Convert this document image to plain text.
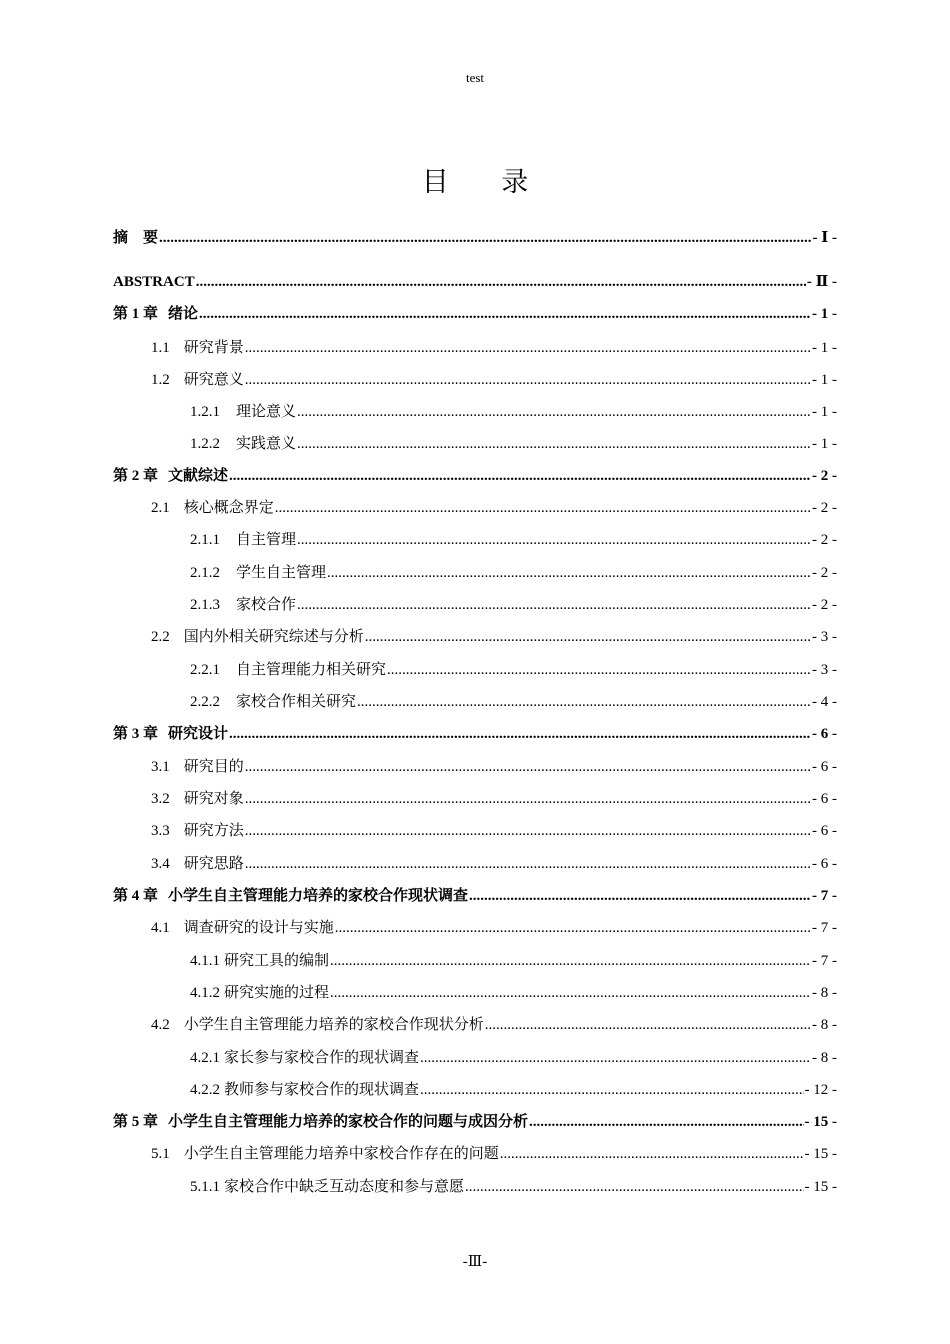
test
目 录
摘　要 .....	- Ⅰ -
ABSTRACT .....	- Ⅱ -
第 1 章 绪论 .....	- 1 -
1.1 研究背景 .....	- 1 -
1.2 研究意义 .....	- 1 -
1.2.1 理论意义 .....	- 1 -
1.2.2 实践意义 .....	- 1 -
第 2 章 文献综述 .....	- 2 -
2.1 核心概念界定 .....	- 2 -
2.1.1 自主管理 .....	- 2 -
2.1.2 学生自主管理 .....	- 2 -
2.1.3 家校合作 .....	- 2 -
2.2 国内外相关研究综述与分析 .....	- 3 -
2.2.1 自主管理能力相关研究 .....	- 3 -
2.2.2 家校合作相关研究 .....	- 4 -
第 3 章 研究设计 .....	- 6 -
3.1 研究目的 .....	- 6 -
3.2 研究对象 .....	- 6 -
3.3 研究方法 .....	- 6 -
3.4 研究思路 .....	- 6 -
第 4 章 小学生自主管理能力培养的家校合作现状调查 .....	- 7 -
4.1 调查研究的设计与实施 .....	- 7 -
4.1.1 研究工具的编制 .....	- 7 -
4.1.2 研究实施的过程 .....	- 8 -
4.2 小学生自主管理能力培养的家校合作现状分析 .....	- 8 -
4.2.1 家长参与家校合作的现状调查 .....	- 8 -
4.2.2 教师参与家校合作的现状调查 .....	- 12 -
第 5 章 小学生自主管理能力培养的家校合作的问题与成因分析 .....	- 15 -
5.1 小学生自主管理能力培养中家校合作存在的问题 .....	- 15 -
5.1.1 家校合作中缺乏互动态度和参与意愿 .....	- 15 -
-Ⅲ-
